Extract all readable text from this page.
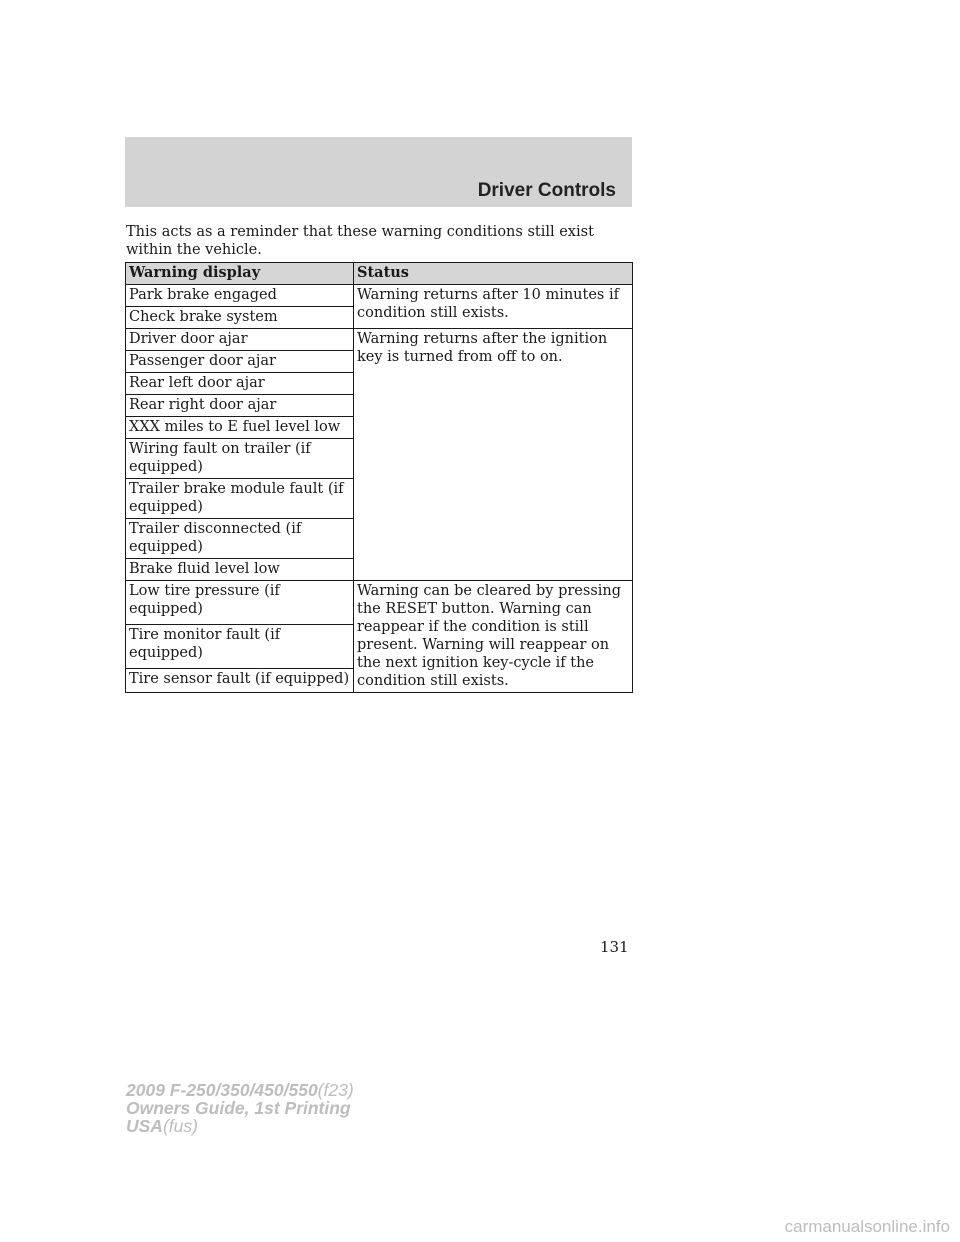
Driver Controls

This acts as a reminder that these warning conditions still exist within the vehicle.

Warning display	Status
Park brake engaged	Warning returns after 10 minutes if condition still exists.
Check brake system	
Driver door ajar	Warning returns after the ignition key is turned from off to on.
Passenger door ajar	
Rear left door ajar	
Rear right door ajar	
XXX miles to E fuel level low	
Wiring fault on trailer (if equipped)	
Trailer brake module fault (if equipped)	
Trailer disconnected (if equipped)	
Brake fluid level low	
Low tire pressure (if equipped)	Warning can be cleared by pressing the RESET button. Warning can reappear if the condition is still present. Warning will reappear on the next ignition key-cycle if the condition still exists.
Tire monitor fault (if equipped)	
Tire sensor fault (if equipped)	
131
2009 F-250/350/450/550(f23)
Owners Guide, 1st Printing
USA(fus)
carmanualsonline.info
